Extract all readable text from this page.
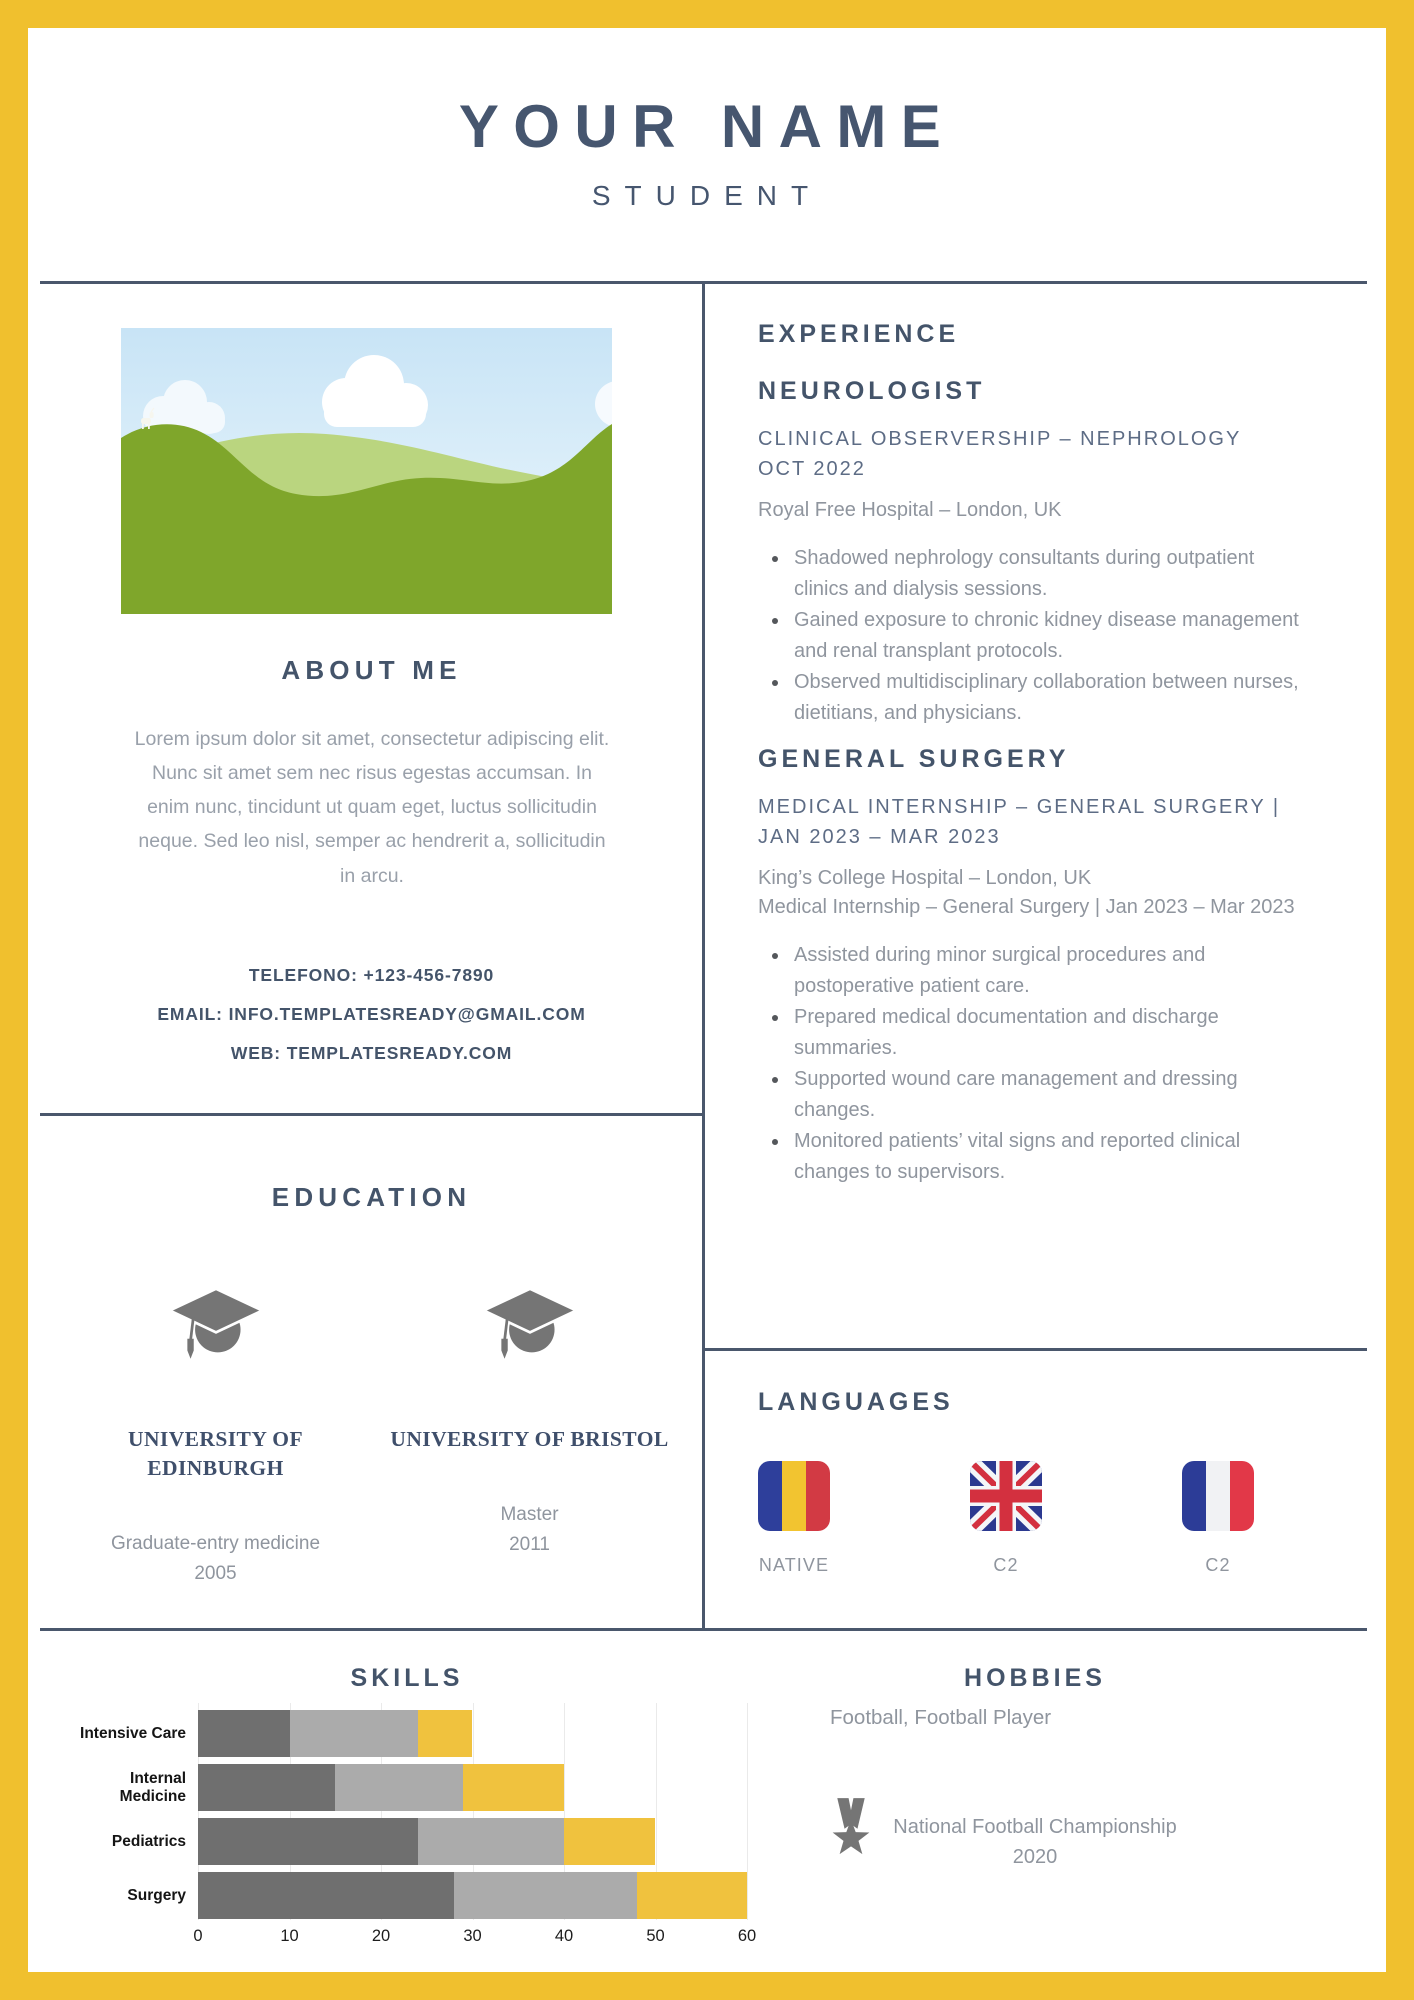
YOUR NAME
STUDENT
ABOUT ME
Lorem ipsum dolor sit amet, consectetur adipiscing elit. Nunc sit amet sem nec risus egestas accumsan. In enim nunc, tincidunt ut quam eget, luctus sollicitudin neque. Sed leo nisl, semper ac hendrerit a, sollicitudin in arcu.
TELEFONO: +123-456-7890
EMAIL: INFO.TEMPLATESREADY@GMAIL.COM
WEB: TEMPLATESREADY.COM
EDUCATION
UNIVERSITY OF EDINBURGH
Graduate-entry medicine
2005
UNIVERSITY OF BRISTOL
Master
2011
EXPERIENCE
NEUROLOGIST
CLINICAL OBSERVERSHIP – NEPHROLOGY
OCT 2022
Royal Free Hospital – London, UK
• Shadowed nephrology consultants during outpatient clinics and dialysis sessions.
• Gained exposure to chronic kidney disease management and renal transplant protocols.
• Observed multidisciplinary collaboration between nurses, dietitians, and physicians.
GENERAL SURGERY
MEDICAL INTERNSHIP – GENERAL SURGERY |
JAN 2023 – MAR 2023
King’s College Hospital – London, UK
Medical Internship – General Surgery | Jan 2023 – Mar 2023
• Assisted during minor surgical procedures and postoperative patient care.
• Prepared medical documentation and discharge summaries.
• Supported wound care management and dressing changes.
• Monitored patients’ vital signs and reported clinical changes to supervisors.
LANGUAGES
NATIVE	C2	C2
SKILLS
0	10	20	30	40	50	60
Intensive Care
Internal Medicine
Pediatrics
Surgery
HOBBIES
Football, Football Player
National Football Championship
2020
